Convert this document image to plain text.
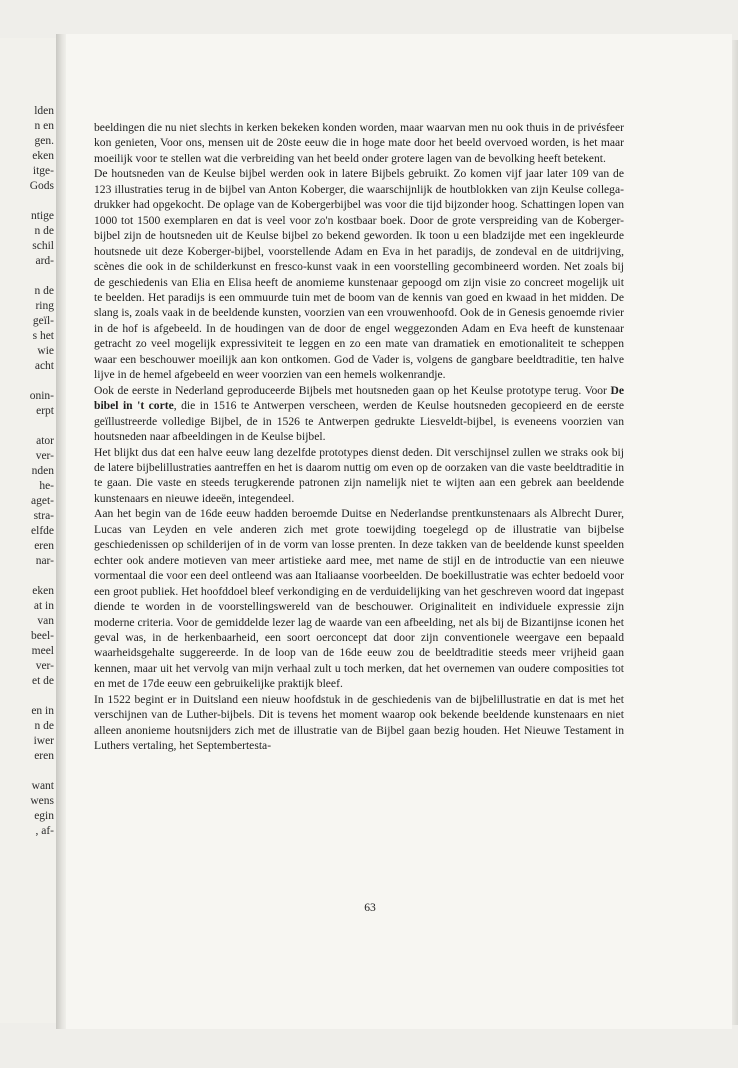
lden
n en
gen.
eken
itge-
Gods

ntige
n de
schil
ard-

n de
ring
geïl-
s het
wie
acht

onin-
erpt

ator
ver-
nden
he-
aget-
stra-
elfde
eren
nar-

eken
at in
van
beel-
meel
ver-
et de

en in
n de
iwer
eren

want
wens
egin
, af-

beeldingen die nu niet slechts in kerken bekeken konden worden, maar waarvan men nu ook thuis in de privésfeer kon genieten, Voor ons, mensen uit de 20ste eeuw die in hoge mate door het beeld overvoed worden, is het maar moeilijk voor te stellen wat die verbreiding van het beeld onder grotere lagen van de bevolking heeft betekent.

De houtsneden van de Keulse bijbel werden ook in latere Bijbels gebruikt. Zo komen vijf jaar later 109 van de 123 illustraties terug in de bijbel van Anton Koberger, die waarschijnlijk de houtblokken van zijn Keulse collega-drukker had opgekocht. De oplage van de Kobergerbijbel was voor die tijd bijzonder hoog. Schattingen lopen van 1000 tot 1500 exemplaren en dat is veel voor zo'n kostbaar boek. Door de grote verspreiding van de Koberger-bijbel zijn de houtsneden uit de Keulse bijbel zo bekend geworden. Ik toon u een bladzijde met een ingekleurde houtsnede uit deze Koberger-bijbel, voorstellende Adam en Eva in het paradijs, de zondeval en de uitdrijving, scènes die ook in de schilderkunst en fresco-kunst vaak in een voorstelling gecombineerd worden. Net zoals bij de geschiedenis van Elia en Elisa heeft de anomieme kunstenaar gepoogd om zijn visie zo concreet mogelijk uit te beelden. Het paradijs is een ommuurde tuin met de boom van de kennis van goed en kwaad in het midden. De slang is, zoals vaak in de beeldende kunsten, voorzien van een vrouwenhoofd. Ook de in Genesis genoemde rivier in de hof is afgebeeld. In de houdingen van de door de engel weggezonden Adam en Eva heeft de kunstenaar getracht zo veel mogelijk expressiviteit te leggen en zo een mate van dramatiek en emotionaliteit te scheppen waar een beschouwer moeilijk aan kon ontkomen. God de Vader is, volgens de gangbare beeldtraditie, ten halve lijve in de hemel afgebeeld en weer voorzien van een hemels wolkenrandje.

Ook de eerste in Nederland geproduceerde Bijbels met houtsneden gaan op het Keulse prototype terug. Voor De bibel in 't corte, die in 1516 te Antwerpen verscheen, werden de Keulse houtsneden gecopieerd en de eerste geïllustreerde volledige Bijbel, de in 1526 te Antwerpen gedrukte Liesveldt-bijbel, is eveneens voorzien van houtsneden naar afbeeldingen in de Keulse bijbel.

Het blijkt dus dat een halve eeuw lang dezelfde prototypes dienst deden. Dit verschijnsel zullen we straks ook bij de latere bijbelillustraties aantreffen en het is daarom nuttig om even op de oorzaken van die vaste beeldtraditie in te gaan. Die vaste en steeds terugkerende patronen zijn namelijk niet te wijten aan een gebrek aan beeldende kunstenaars en nieuwe ideeën, integendeel.

Aan het begin van de 16de eeuw hadden beroemde Duitse en Nederlandse prentkunstenaars als Albrecht Durer, Lucas van Leyden en vele anderen zich met grote toewijding toegelegd op de illustratie van bijbelse geschiedenissen op schilderijen of in de vorm van losse prenten. In deze takken van de beeldende kunst speelden echter ook andere motieven van meer artistieke aard mee, met name de stijl en de introductie van een nieuwe vormentaal die voor een deel ontleend was aan Italiaanse voorbeelden. De boekillustratie was echter bedoeld voor een groot publiek. Het hoofddoel bleef verkondiging en de verduidelijking van het geschreven woord dat ingepast diende te worden in de voorstellingswereld van de beschouwer. Originaliteit en individuele expressie zijn moderne criteria. Voor de gemiddelde lezer lag de waarde van een afbeelding, net als bij de Bizantijnse iconen het geval was, in de herkenbaarheid, een soort oerconcept dat door zijn conventionele weergave een bepaald waarheidsgehalte suggereerde. In de loop van de 16de eeuw zou de beeldtraditie steeds meer vrijheid gaan kennen, maar uit het vervolg van mijn verhaal zult u toch merken, dat het overnemen van oudere composities tot en met de 17de eeuw een gebruikelijke praktijk bleef.

In 1522 begint er in Duitsland een nieuw hoofdstuk in de geschiedenis van de bijbelillustratie en dat is met het verschijnen van de Luther-bijbels. Dit is tevens het moment waarop ook bekende beeldende kunstenaars en niet alleen anonieme houtsnijders zich met de illustratie van de Bijbel gaan bezig houden. Het Nieuwe Testament in Luthers vertaling, het Septembertesta-

63
